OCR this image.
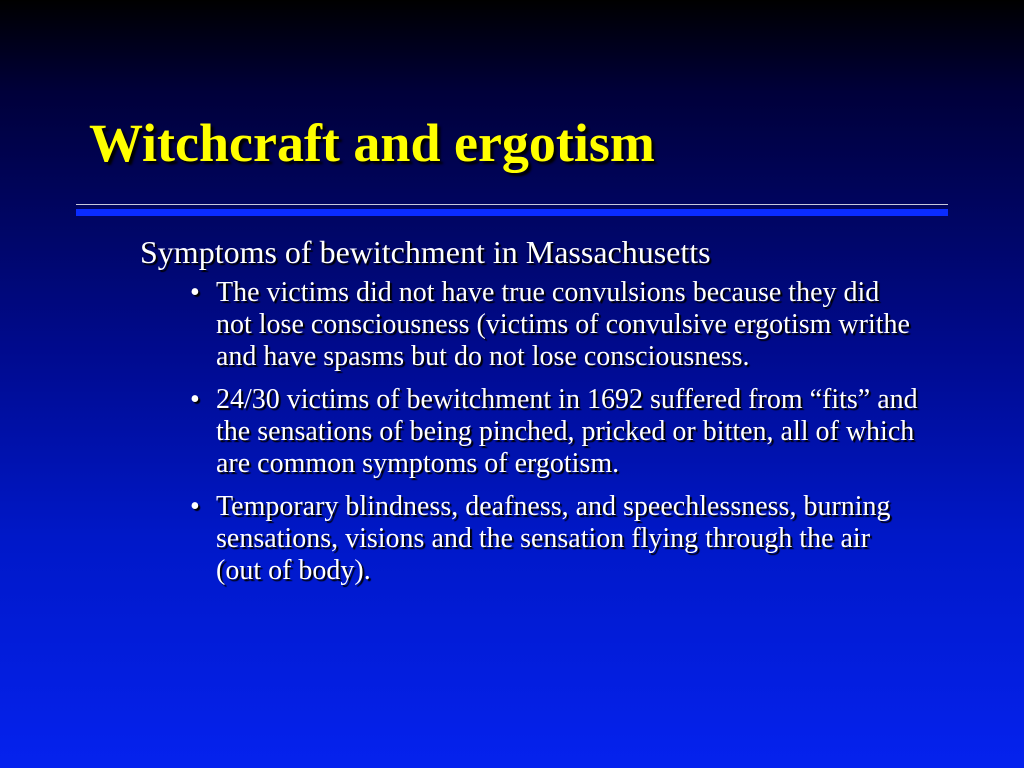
Witchcraft and ergotism

Symptoms of bewitchment in Massachusetts

• The victims did not have true convulsions because they did not lose consciousness (victims of convulsive ergotism writhe and have spasms but do not lose consciousness.
• 24/30 victims of bewitchment in 1692 suffered from “fits” and the sensations of being pinched, pricked or bitten, all of which are common symptoms of ergotism.
• Temporary blindness, deafness, and speechlessness, burning sensations, visions and the sensation flying through the air (out of body).
